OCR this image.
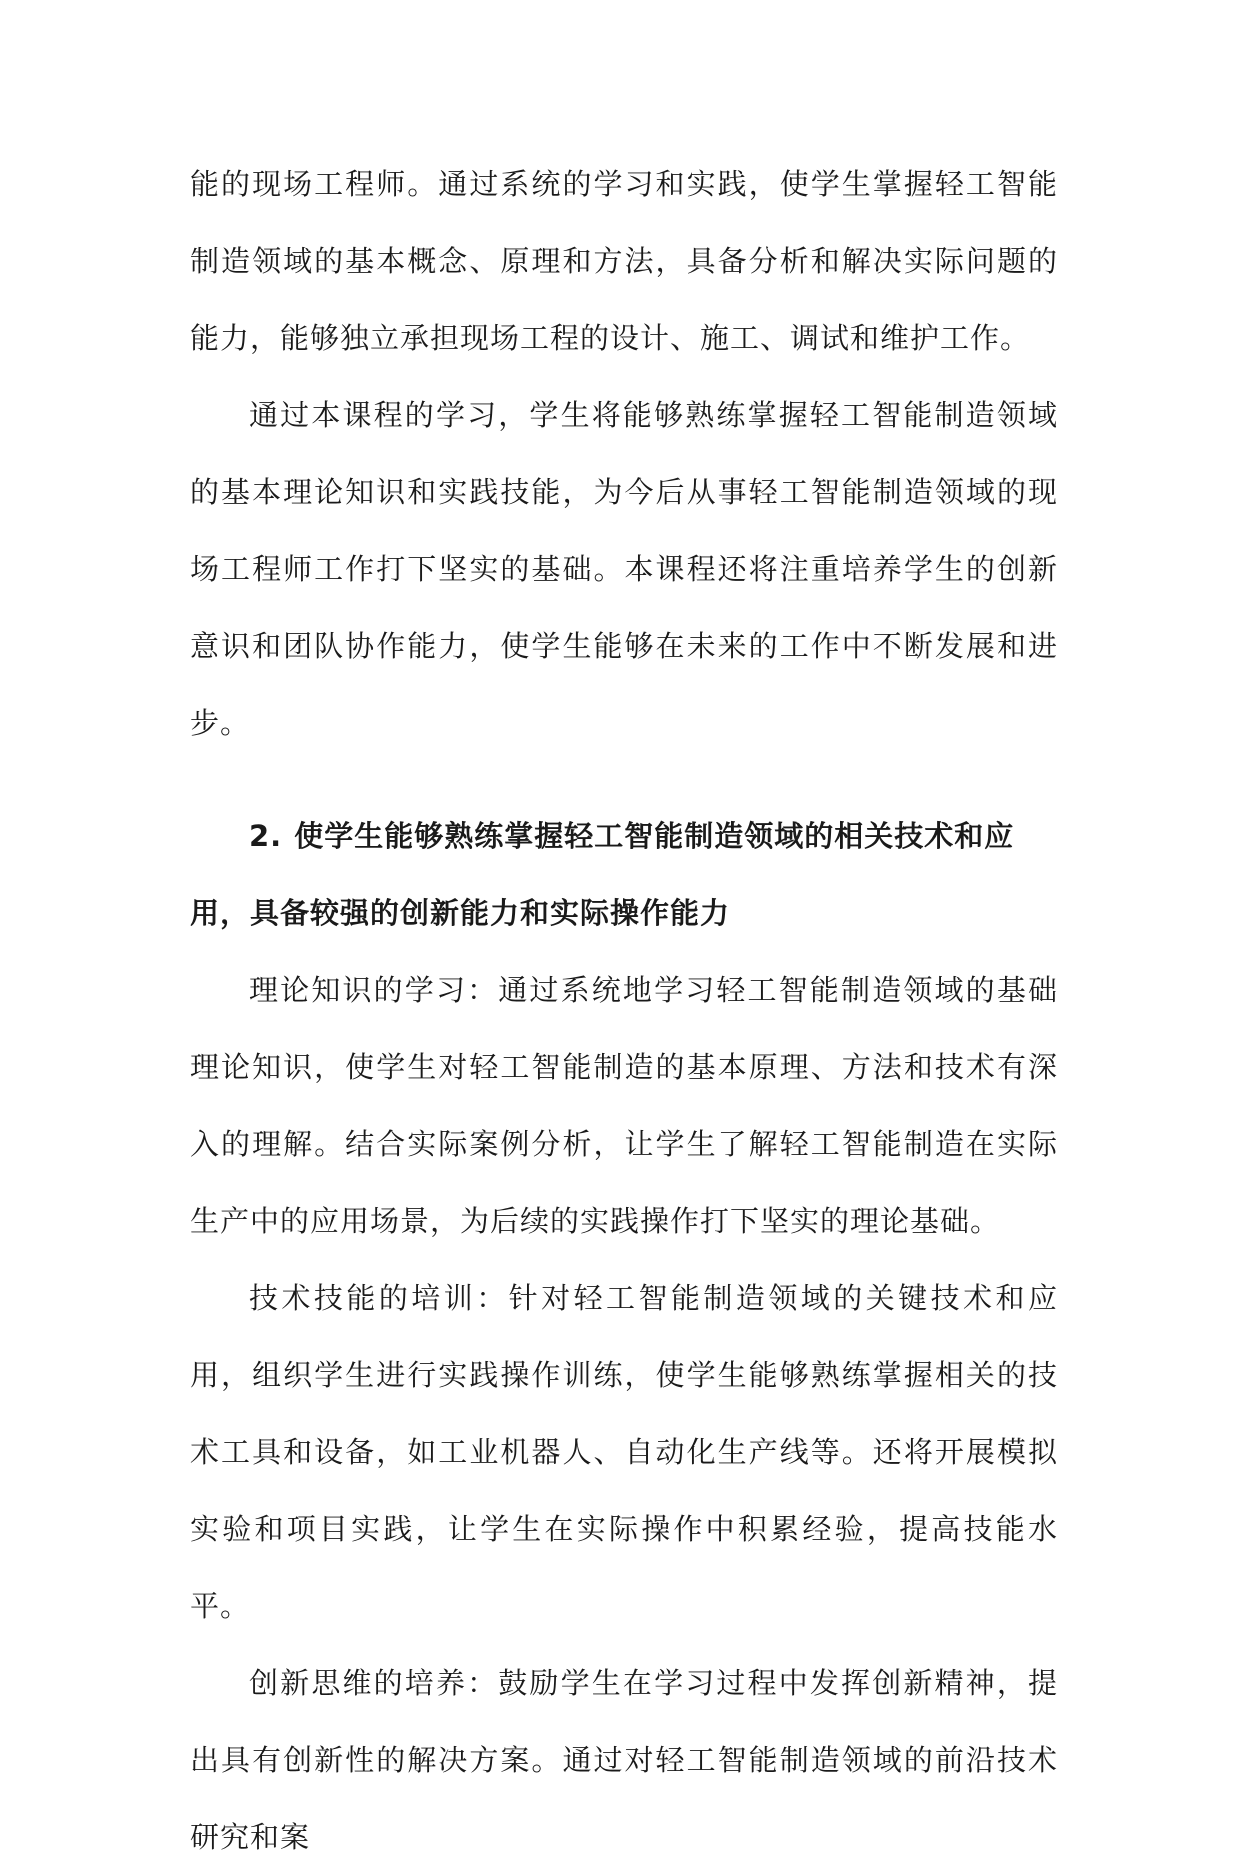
能的现场工程师。通过系统的学习和实践，使学生掌握轻工智能制造领域的基本概念、原理和方法，具备分析和解决实际问题的能力，能够独立承担现场工程的设计、施工、调试和维护工作。

通过本课程的学习，学生将能够熟练掌握轻工智能制造领域的基本理论知识和实践技能，为今后从事轻工智能制造领域的现场工程师工作打下坚实的基础。本课程还将注重培养学生的创新意识和团队协作能力，使学生能够在未来的工作中不断发展和进步。

2. 使学生能够熟练掌握轻工智能制造领域的相关技术和应用，具备较强的创新能力和实际操作能力

理论知识的学习：通过系统地学习轻工智能制造领域的基础理论知识，使学生对轻工智能制造的基本原理、方法和技术有深入的理解。结合实际案例分析，让学生了解轻工智能制造在实际生产中的应用场景，为后续的实践操作打下坚实的理论基础。

技术技能的培训：针对轻工智能制造领域的关键技术和应用，组织学生进行实践操作训练，使学生能够熟练掌握相关的技术工具和设备，如工业机器人、自动化生产线等。还将开展模拟实验和项目实践，让学生在实际操作中积累经验，提高技能水平。

创新思维的培养：鼓励学生在学习过程中发挥创新精神，提出具有创新性的解决方案。通过对轻工智能制造领域的前沿技术研究和案
